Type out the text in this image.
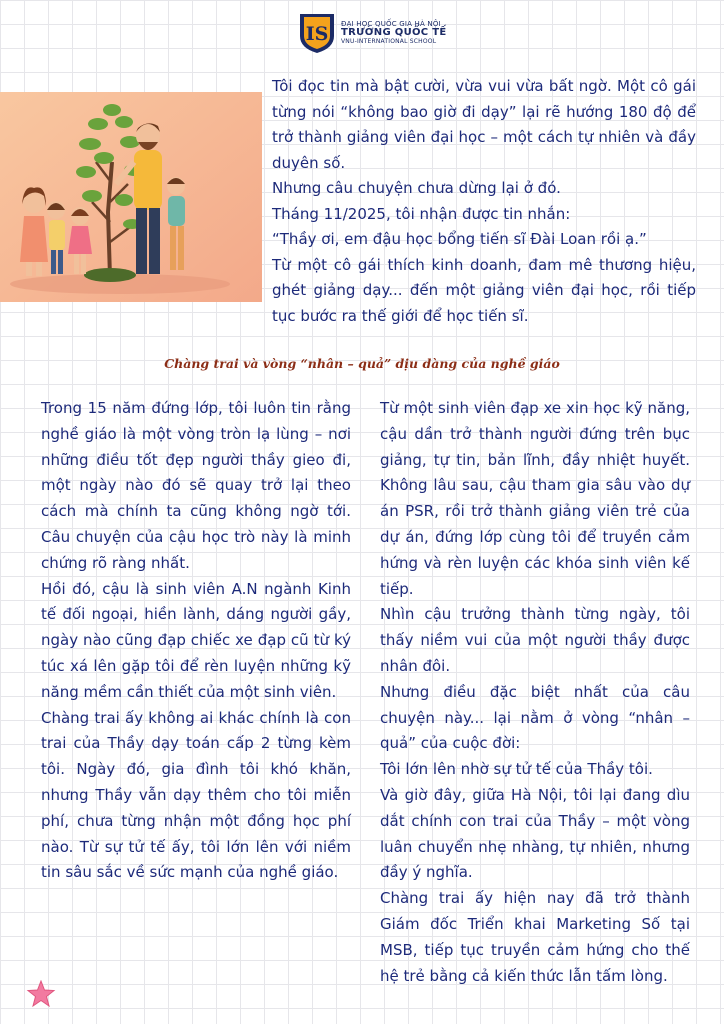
IS ĐẠI HỌC QUỐC GIA HÀ NỘI
TRƯỜNG QUỐC TẾ
VNU-INTERNATIONAL SCHOOL

Tôi đọc tin mà bật cười, vừa vui vừa bất ngờ. Một cô gái từng nói “không bao giờ đi dạy” lại rẽ hướng 180 độ để trở thành giảng viên đại học – một cách tự nhiên và đầy duyên số.

Nhưng câu chuyện chưa dừng lại ở đó.

Tháng 11/2025, tôi nhận được tin nhắn:

“Thầy ơi, em đậu học bổng tiến sĩ Đài Loan rồi ạ.”

Từ một cô gái thích kinh doanh, đam mê thương hiệu, ghét giảng dạy... đến một giảng viên đại học, rồi tiếp tục bước ra thế giới để học tiến sĩ.

Chàng trai và vòng “nhân – quả” dịu dàng của nghề giáo

Trong 15 năm đứng lớp, tôi luôn tin rằng nghề giáo là một vòng tròn lạ lùng – nơi những điều tốt đẹp người thầy gieo đi, một ngày nào đó sẽ quay trở lại theo cách mà chính ta cũng không ngờ tới. Câu chuyện của cậu học trò này là minh chứng rõ ràng nhất.

Hồi đó, cậu là sinh viên A.N ngành Kinh tế đối ngoại, hiền lành, dáng người gầy, ngày nào cũng đạp chiếc xe đạp cũ từ ký túc xá lên gặp tôi để rèn luyện những kỹ năng mềm cần thiết của một sinh viên.

Chàng trai ấy không ai khác chính là con trai của Thầy dạy toán cấp 2 từng kèm tôi. Ngày đó, gia đình tôi khó khăn, nhưng Thầy vẫn dạy thêm cho tôi miễn phí, chưa từng nhận một đồng học phí nào. Từ sự tử tế ấy, tôi lớn lên với niềm tin sâu sắc về sức mạnh của nghề giáo.

Từ một sinh viên đạp xe xin học kỹ năng, cậu dần trở thành người đứng trên bục giảng, tự tin, bản lĩnh, đầy nhiệt huyết. Không lâu sau, cậu tham gia sâu vào dự án PSR, rồi trở thành giảng viên trẻ của dự án, đứng lớp cùng tôi để truyền cảm hứng và rèn luyện các khóa sinh viên kế tiếp.

Nhìn cậu trưởng thành từng ngày, tôi thấy niềm vui của một người thầy được nhân đôi.

Nhưng điều đặc biệt nhất của câu chuyện này... lại nằm ở vòng “nhân – quả” của cuộc đời:

Tôi lớn lên nhờ sự tử tế của Thầy tôi.

Và giờ đây, giữa Hà Nội, tôi lại đang dìu dắt chính con trai của Thầy – một vòng luân chuyển nhẹ nhàng, tự nhiên, nhưng đầy ý nghĩa.

Chàng trai ấy hiện nay đã trở thành Giám đốc Triển khai Marketing Số tại MSB, tiếp tục truyền cảm hứng cho thế hệ trẻ bằng cả kiến thức lẫn tấm lòng.
